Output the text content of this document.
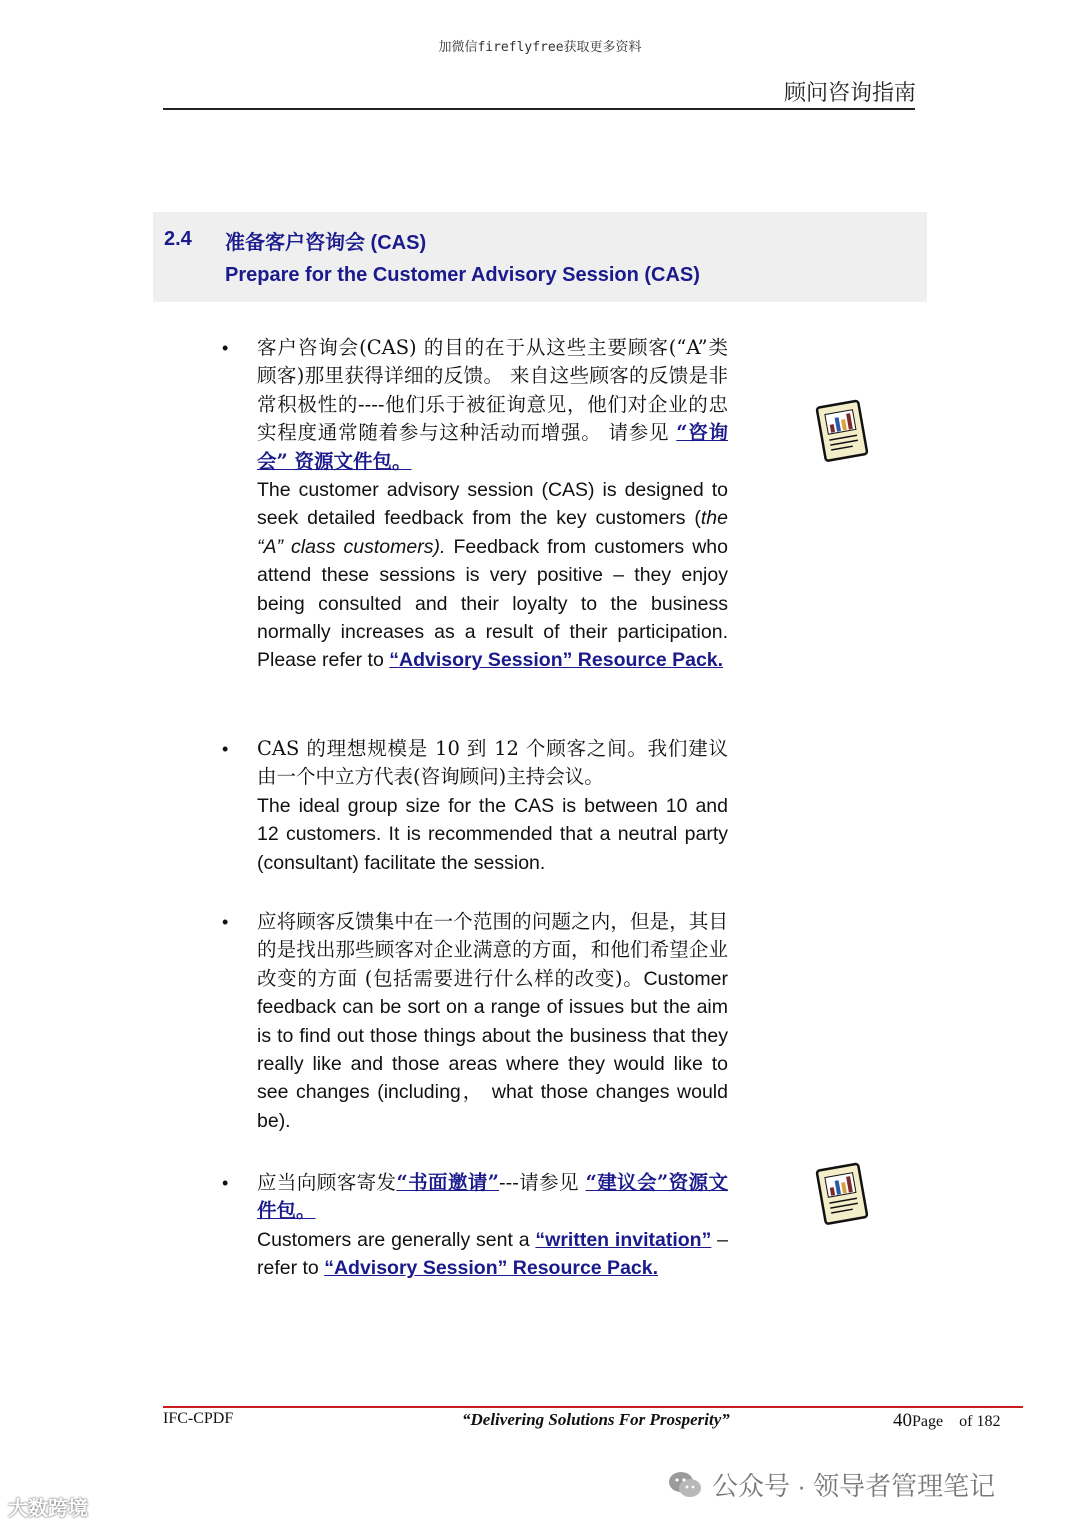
加微信fireflyfree获取更多资料
顾问咨询指南
2.4 准备客户咨询会 (CAS)
Prepare for the Customer Advisory Session (CAS)
• 客户咨询会(CAS) 的目的在于从这些主要顾客(“A”类顾客)那里获得详细的反馈。 来自这些顾客的反馈是非常积极性的----他们乐于被征询意见，他们对企业的忠实程度通常随着参与这种活动而增强。 请参见 “咨询会” 资源文件包。
The customer advisory session (CAS) is designed to seek detailed feedback from the key customers (the “A” class customers). Feedback from customers who attend these sessions is very positive – they enjoy being consulted and their loyalty to the business normally increases as a result of their participation. Please refer to “Advisory Session” Resource Pack.
• CAS 的理想规模是 10 到 12 个顾客之间。我们建议由一个中立方代表(咨询顾问)主持会议。
The ideal group size for the CAS is between 10 and 12 customers. It is recommended that a neutral party (consultant) facilitate the session.
• 应将顾客反馈集中在一个范围的问题之内，但是，其目的是找出那些顾客对企业满意的方面，和他们希望企业改变的方面 (包括需要进行什么样的改变)。Customer feedback can be sort on a range of issues but the aim is to find out those things about the business that they really like and those areas where they would like to see changes (including， what those changes would be).
• 应当向顾客寄发“书面邀请”---请参见 “建议会”资源文件包。
Customers are generally sent a “written invitation” – refer to “Advisory Session” Resource Pack.
IFC-CPDF	“Delivering Solutions For Prosperity”	40Page of 182
公众号 · 领导者管理笔记
大数跨境
